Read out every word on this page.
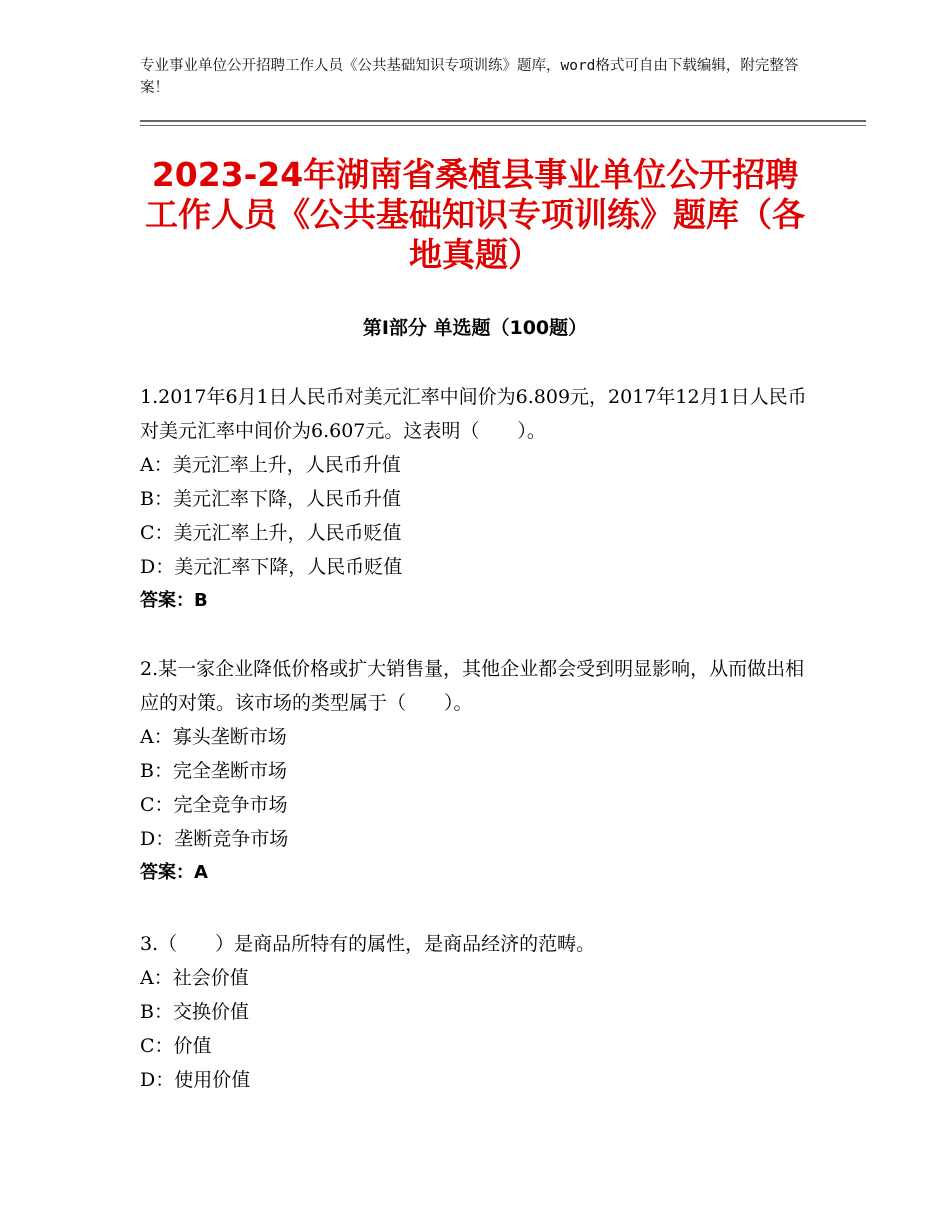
专业事业单位公开招聘工作人员《公共基础知识专项训练》题库，word格式可自由下载编辑，附完整答案！
2023-24年湖南省桑植县事业单位公开招聘工作人员《公共基础知识专项训练》题库（各地真题）
第Ⅰ部分 单选题（100题）

1.2017年6月1日人民币对美元汇率中间价为6.809元，2017年12月1日人民币对美元汇率中间价为6.607元。这表明（　　）。

A：美元汇率上升，人民币升值

B：美元汇率下降，人民币升值

C：美元汇率上升，人民币贬值

D：美元汇率下降，人民币贬值

答案：B

2.某一家企业降低价格或扩大销售量，其他企业都会受到明显影响，从而做出相应的对策。该市场的类型属于（　　）。

A：寡头垄断市场

B：完全垄断市场

C：完全竞争市场

D：垄断竞争市场

答案：A

3.（　　）是商品所特有的属性，是商品经济的范畴。

A：社会价值

B：交换价值

C：价值

D：使用价值
